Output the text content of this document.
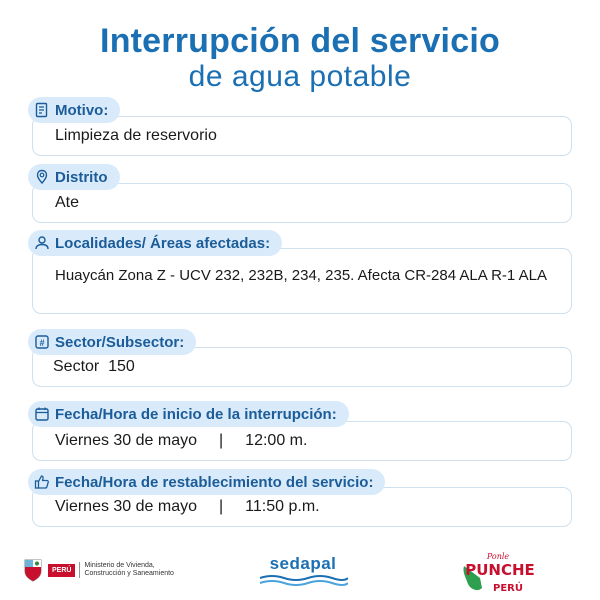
Interrupción del servicio
de agua potable
Limpieza de reservorio
Motivo:
Ate
Distrito
Huaycán Zona Z - UCV 232, 232B, 234, 235. Afecta CR-284 ALA R-1 ALA
Localidades/ Áreas afectadas:
Sector  150
# Sector/Subsector:
Viernes 30 de mayo | 12:00 m.
Fecha/Hora de inicio de la interrupción:
Viernes 30 de mayo | 11:50 p.m.
Fecha/Hora de restablecimiento del servicio:
PERÚ
Ministerio de Vivienda, Construcción y Saneamiento
sedapal	Ponle
PUNCHE
PERÚ
